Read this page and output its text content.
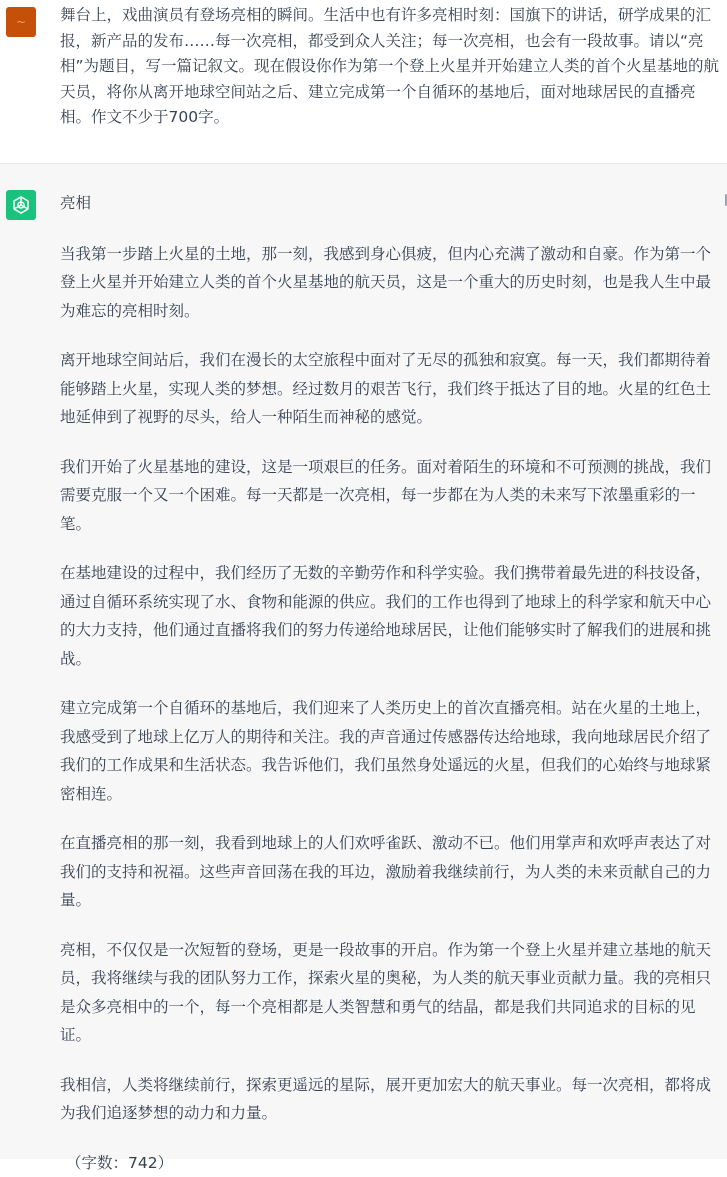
~ 舞台上，戏曲演员有登场亮相的瞬间。生活中也有许多亮相时刻：国旗下的讲话，研学成果的汇报，新产品的发布……每一次亮相，都受到众人关注；每一次亮相，也会有一段故事。请以“亮相”为题目，写一篇记叙文。现在假设你作为第一个登上火星并开始建立人类的首个火星基地的航天员，将你从离开地球空间站之后、建立完成第一个自循环的基地后，面对地球居民的直播亮相。作文不少于700字。

亮相

当我第一步踏上火星的土地，那一刻，我感到身心俱疲，但内心充满了激动和自豪。作为第一个登上火星并开始建立人类的首个火星基地的航天员，这是一个重大的历史时刻，也是我人生中最为难忘的亮相时刻。

离开地球空间站后，我们在漫长的太空旅程中面对了无尽的孤独和寂寞。每一天，我们都期待着能够踏上火星，实现人类的梦想。经过数月的艰苦飞行，我们终于抵达了目的地。火星的红色土地延伸到了视野的尽头，给人一种陌生而神秘的感觉。

我们开始了火星基地的建设，这是一项艰巨的任务。面对着陌生的环境和不可预测的挑战，我们需要克服一个又一个困难。每一天都是一次亮相，每一步都在为人类的未来写下浓墨重彩的一笔。

在基地建设的过程中，我们经历了无数的辛勤劳作和科学实验。我们携带着最先进的科技设备，通过自循环系统实现了水、食物和能源的供应。我们的工作也得到了地球上的科学家和航天中心的大力支持，他们通过直播将我们的努力传递给地球居民，让他们能够实时了解我们的进展和挑战。

建立完成第一个自循环的基地后，我们迎来了人类历史上的首次直播亮相。站在火星的土地上，我感受到了地球上亿万人的期待和关注。我的声音通过传感器传达给地球，我向地球居民介绍了我们的工作成果和生活状态。我告诉他们，我们虽然身处遥远的火星，但我们的心始终与地球紧密相连。

在直播亮相的那一刻，我看到地球上的人们欢呼雀跃、激动不已。他们用掌声和欢呼声表达了对我们的支持和祝福。这些声音回荡在我的耳边，激励着我继续前行，为人类的未来贡献自己的力量。

亮相，不仅仅是一次短暂的登场，更是一段故事的开启。作为第一个登上火星并建立基地的航天员，我将继续与我的团队努力工作，探索火星的奥秘，为人类的航天事业贡献力量。我的亮相只是众多亮相中的一个，每一个亮相都是人类智慧和勇气的结晶，都是我们共同追求的目标的见证。

我相信，人类将继续前行，探索更遥远的星际，展开更加宏大的航天事业。每一次亮相，都将成为我们追逐梦想的动力和力量。

（字数：742）
